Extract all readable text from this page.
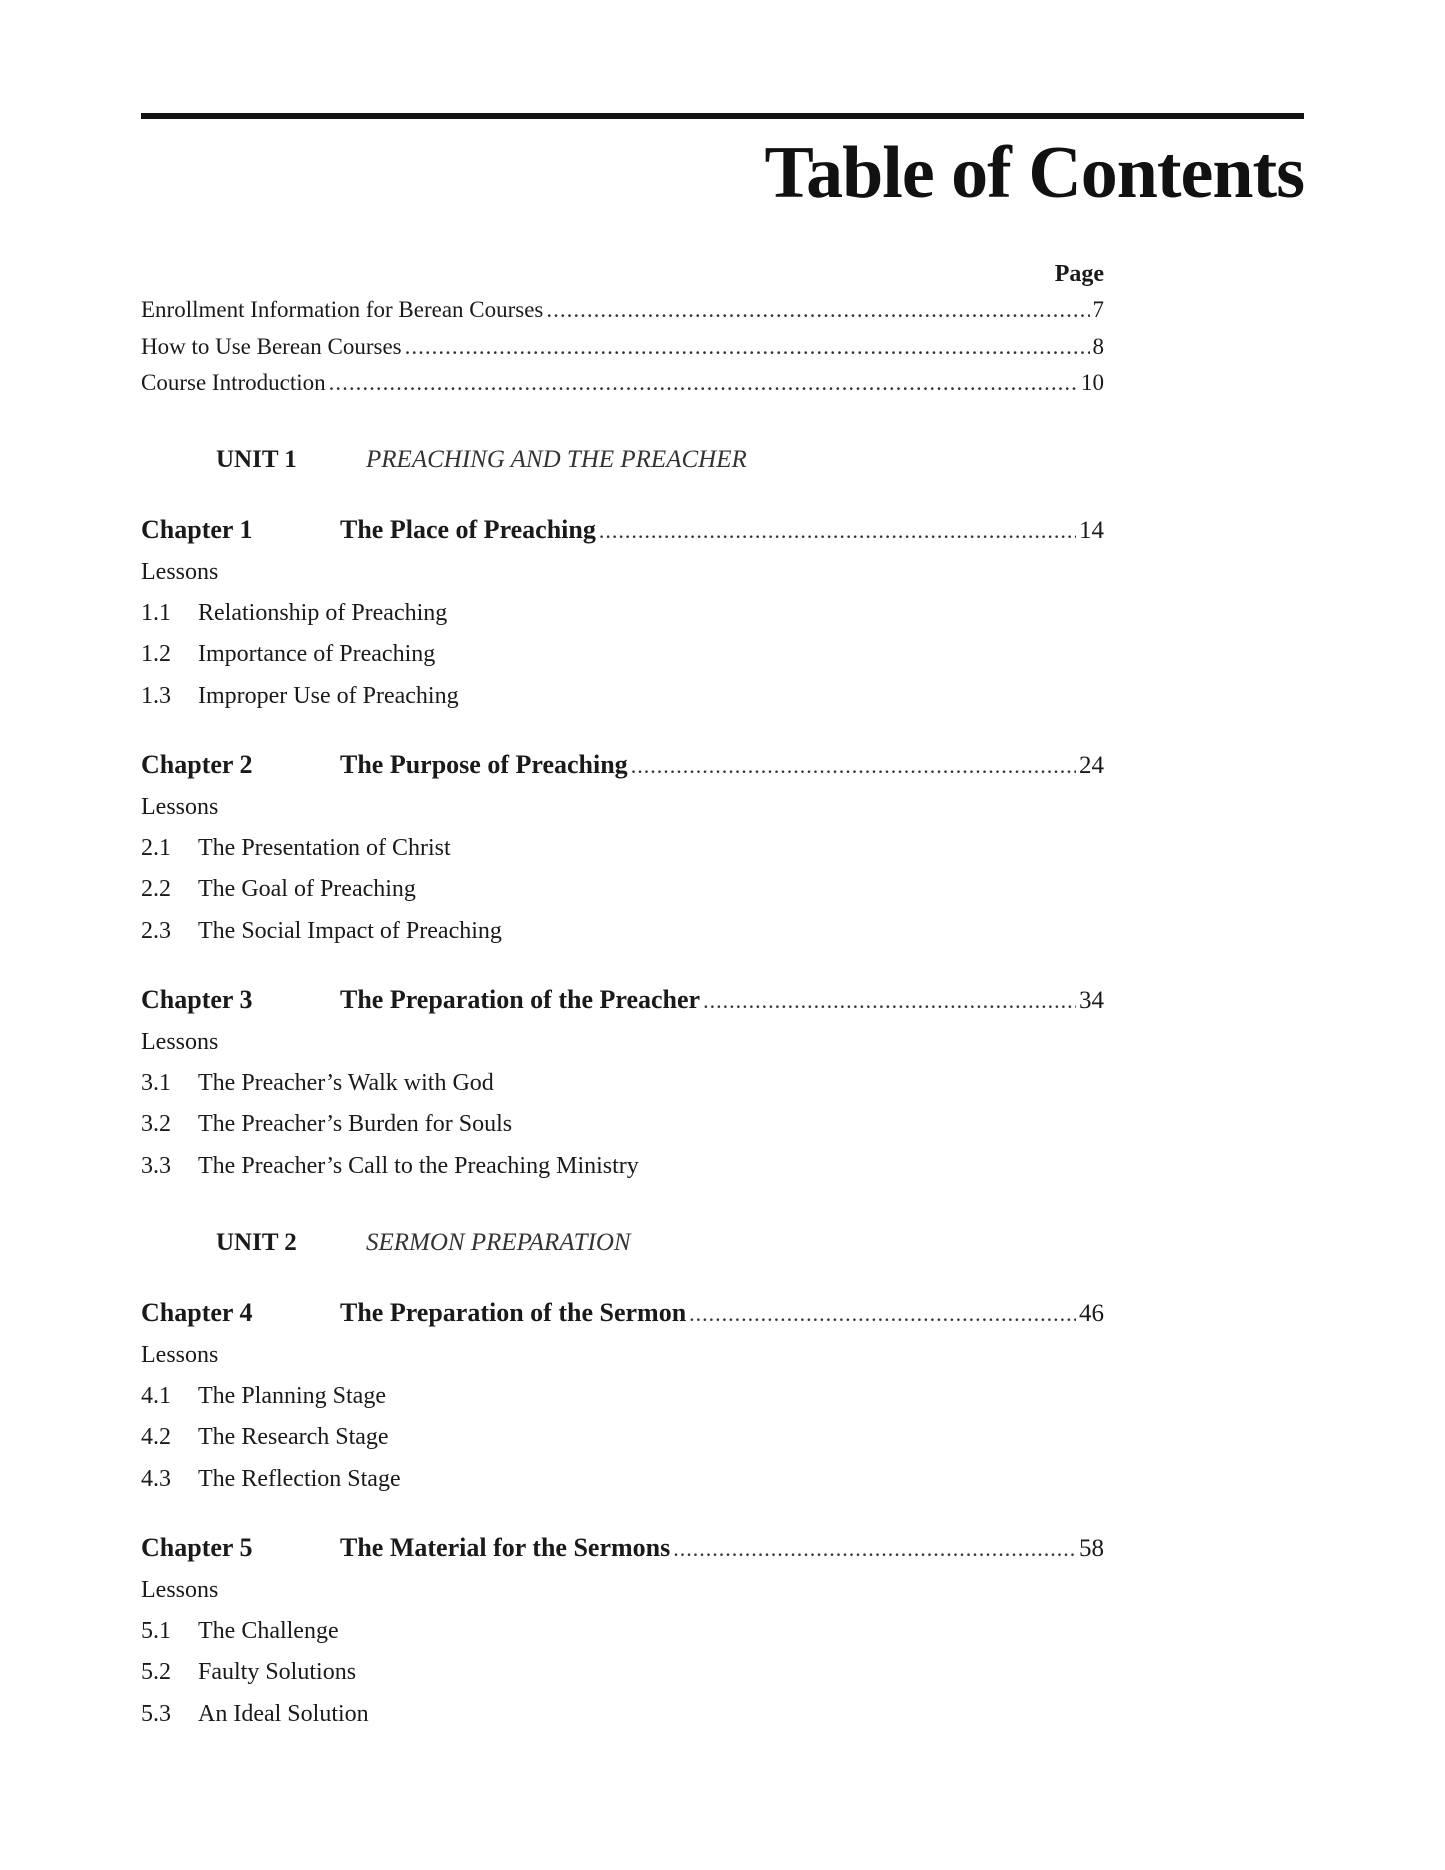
Table of Contents
Page
Enrollment Information for Berean Courses .....	7
How to Use Berean Courses .....	8
Course Introduction .....	10
UNIT 1	PREACHING AND THE PREACHER
Chapter 1	The Place of Preaching .....	14
Lessons
1.1 Relationship of Preaching
1.2 Importance of Preaching
1.3 Improper Use of Preaching
Chapter 2	The Purpose of Preaching .....	24
Lessons
2.1 The Presentation of Christ
2.2 The Goal of Preaching
2.3 The Social Impact of Preaching
Chapter 3	The Preparation of the Preacher .....	34
Lessons
3.1 The Preacher’s Walk with God
3.2 The Preacher’s Burden for Souls
3.3 The Preacher’s Call to the Preaching Ministry
UNIT 2	SERMON PREPARATION
Chapter 4	The Preparation of the Sermon .....	46
Lessons
4.1 The Planning Stage
4.2 The Research Stage
4.3 The Reflection Stage
Chapter 5	The Material for the Sermons .....	58
Lessons
5.1 The Challenge
5.2 Faulty Solutions
5.3 An Ideal Solution
